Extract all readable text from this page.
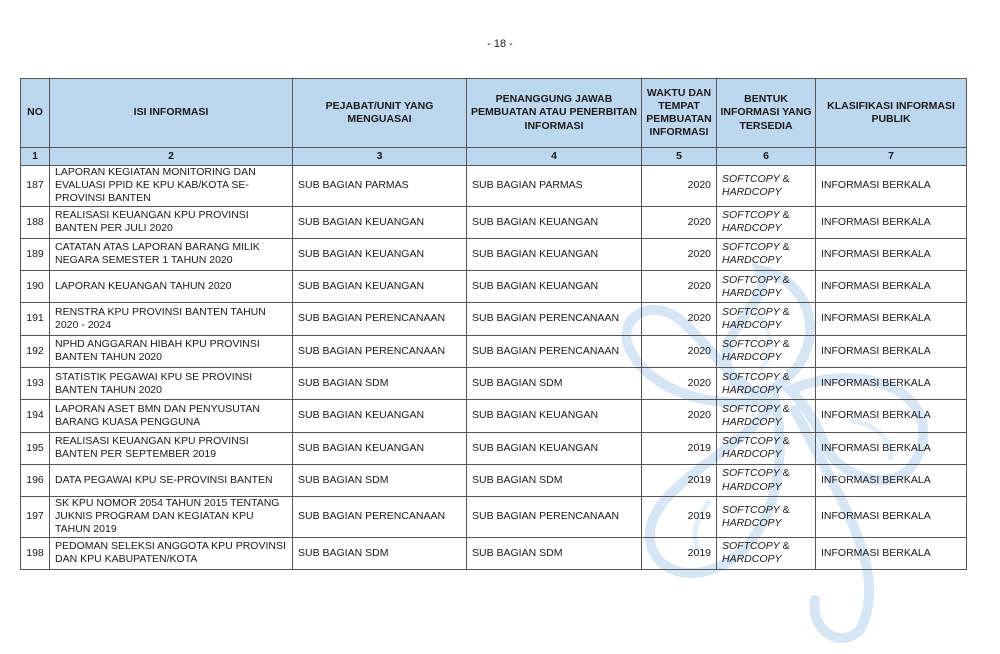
- 18 -
NO	ISI INFORMASI	PEJABAT/UNIT YANG MENGUASAI	PENANGGUNG JAWAB PEMBUATAN ATAU PENERBITAN INFORMASI	WAKTU DAN TEMPAT PEMBUATAN INFORMASI	BENTUK INFORMASI YANG TERSEDIA	KLASIFIKASI INFORMASI PUBLIK
1	2	3	4	5	6	7
187	LAPORAN KEGIATAN MONITORING DAN EVALUASI PPID KE KPU KAB/KOTA SE-PROVINSI BANTEN	SUB BAGIAN PARMAS	SUB BAGIAN PARMAS	2020	SOFTCOPY &
HARDCOPY	INFORMASI BERKALA
188	REALISASI KEUANGAN KPU PROVINSI BANTEN PER JULI 2020	SUB BAGIAN KEUANGAN	SUB BAGIAN KEUANGAN	2020	SOFTCOPY &
HARDCOPY	INFORMASI BERKALA
189	CATATAN ATAS LAPORAN BARANG MILIK NEGARA SEMESTER 1 TAHUN 2020	SUB BAGIAN KEUANGAN	SUB BAGIAN KEUANGAN	2020	SOFTCOPY &
HARDCOPY	INFORMASI BERKALA
190	LAPORAN KEUANGAN TAHUN 2020	SUB BAGIAN KEUANGAN	SUB BAGIAN KEUANGAN	2020	SOFTCOPY &
HARDCOPY	INFORMASI BERKALA
191	RENSTRA KPU PROVINSI BANTEN TAHUN 2020 - 2024	SUB BAGIAN PERENCANAAN	SUB BAGIAN PERENCANAAN	2020	SOFTCOPY &
HARDCOPY	INFORMASI BERKALA
192	NPHD ANGGARAN HIBAH KPU PROVINSI BANTEN TAHUN 2020	SUB BAGIAN PERENCANAAN	SUB BAGIAN PERENCANAAN	2020	SOFTCOPY &
HARDCOPY	INFORMASI BERKALA
193	STATISTIK PEGAWAI KPU SE PROVINSI BANTEN TAHUN 2020	SUB BAGIAN SDM	SUB BAGIAN SDM	2020	SOFTCOPY &
HARDCOPY	INFORMASI BERKALA
194	LAPORAN ASET BMN DAN PENYUSUTAN BARANG KUASA PENGGUNA	SUB BAGIAN KEUANGAN	SUB BAGIAN KEUANGAN	2020	SOFTCOPY &
HARDCOPY	INFORMASI BERKALA
195	REALISASI KEUANGAN KPU PROVINSI BANTEN PER SEPTEMBER 2019	SUB BAGIAN KEUANGAN	SUB BAGIAN KEUANGAN	2019	SOFTCOPY &
HARDCOPY	INFORMASI BERKALA
196	DATA PEGAWAI KPU SE-PROVINSI BANTEN	SUB BAGIAN SDM	SUB BAGIAN SDM	2019	SOFTCOPY &
HARDCOPY	INFORMASI BERKALA
197	SK KPU NOMOR 2054 TAHUN 2015 TENTANG JUKNIS PROGRAM DAN KEGIATAN KPU TAHUN 2019	SUB BAGIAN PERENCANAAN	SUB BAGIAN PERENCANAAN	2019	SOFTCOPY &
HARDCOPY	INFORMASI BERKALA
198	PEDOMAN SELEKSI ANGGOTA KPU PROVINSI DAN KPU KABUPATEN/KOTA	SUB BAGIAN SDM	SUB BAGIAN SDM	2019	SOFTCOPY &
HARDCOPY	INFORMASI BERKALA
